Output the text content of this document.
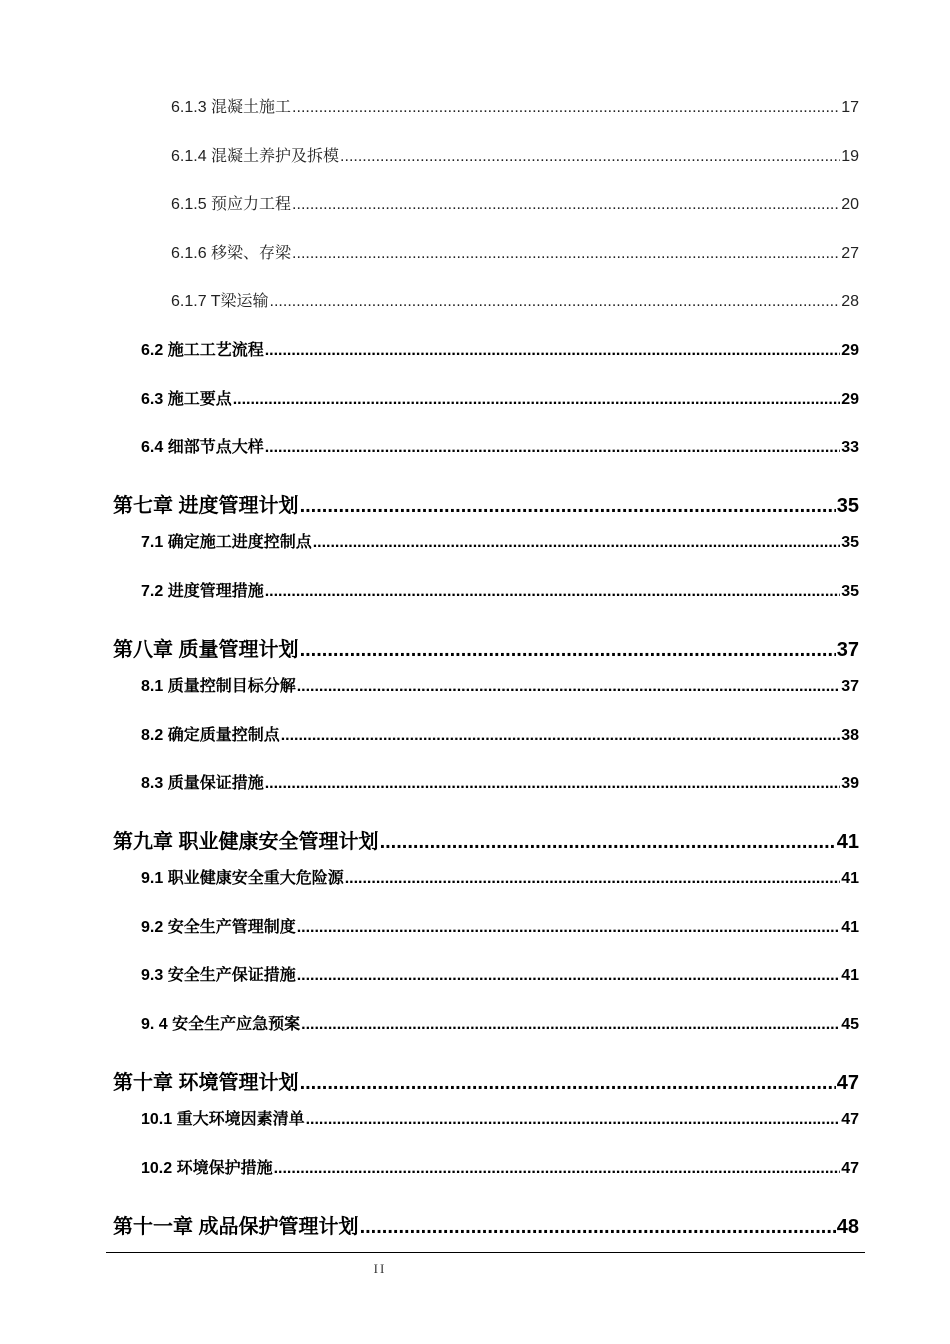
6.1.3 混凝土施工 .....	17
6.1.4 混凝土养护及拆模 .....	19
6.1.5 预应力工程 .....	20
6.1.6 移梁、存梁 .....	27
6.1.7 T梁运输 .....	28
6.2 施工工艺流程 .....	29
6.3 施工要点 .....	29
6.4 细部节点大样 .....	33
第七章 进度管理计划 .....	35
7.1 确定施工进度控制点 .....	35
7.2 进度管理措施 .....	35
第八章 质量管理计划 .....	37
8.1 质量控制目标分解 .....	37
8.2 确定质量控制点 .....	38
8.3 质量保证措施 .....	39
第九章 职业健康安全管理计划 .....	41
9.1 职业健康安全重大危险源 .....	41
9.2 安全生产管理制度 .....	41
9.3 安全生产保证措施 .....	41
9. 4 安全生产应急预案 .....	45
第十章 环境管理计划 .....	47
10.1 重大环境因素清单 .....	47
10.2 环境保护措施 .....	47
第十一章 成品保护管理计划 .....	48
II
